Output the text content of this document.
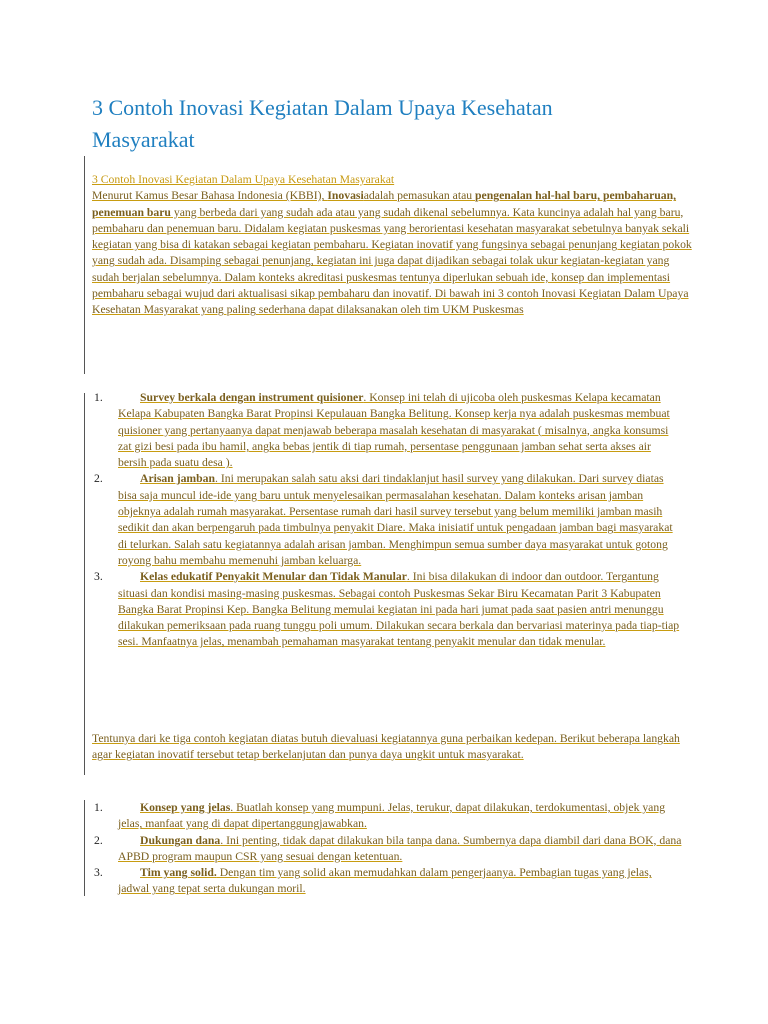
3 Contoh Inovasi Kegiatan Dalam Upaya Kesehatan Masyarakat

3 Contoh Inovasi Kegiatan Dalam Upaya Kesehatan Masyarakat
Menurut Kamus Besar Bahasa Indonesia (KBBI), Inovasiadalah pemasukan atau pengenalan hal-hal baru, pembaharuan, penemuan baru yang berbeda dari yang sudah ada atau yang sudah dikenal sebelumnya. Kata kuncinya adalah hal yang baru, pembaharu dan penemuan baru. Didalam kegiatan puskesmas yang berorientasi kesehatan masyarakat sebetulnya banyak sekali kegiatan yang bisa di katakan sebagai kegiatan pembaharu. Kegiatan inovatif yang fungsinya sebagai penunjang kegiatan pokok yang sudah ada. Disamping sebagai penunjang, kegiatan ini juga dapat dijadikan sebagai tolak ukur kegiatan-kegiatan yang sudah berjalan sebelumnya. Dalam konteks akreditasi puskesmas tentunya diperlukan sebuah ide, konsep dan implementasi pembaharu sebagai wujud dari aktualisasi sikap pembaharu dan inovatif. Di bawah ini 3 contoh Inovasi Kegiatan Dalam Upaya Kesehatan Masyarakat yang paling sederhana dapat dilaksanakan oleh tim UKM Puskesmas

1.	Survey berkala dengan instrument quisioner. Konsep ini telah di ujicoba oleh puskesmas Kelapa kecamatan Kelapa Kabupaten Bangka Barat Propinsi Kepulauan Bangka Belitung. Konsep kerja nya adalah puskesmas membuat quisioner yang pertanyaanya dapat menjawab beberapa masalah kesehatan di masyarakat ( misalnya, angka konsumsi zat gizi besi pada ibu hamil, angka bebas jentik di tiap rumah, persentase penggunaan jamban sehat serta akses air bersih pada suatu desa ).
2.	Arisan jamban. Ini merupakan salah satu aksi dari tindaklanjut hasil survey yang dilakukan. Dari survey diatas bisa saja muncul ide-ide yang baru untuk menyelesaikan permasalahan kesehatan. Dalam konteks arisan jamban objeknya adalah rumah masyarakat. Persentase rumah dari hasil survey tersebut yang belum memiliki jamban masih sedikit dan akan berpengaruh pada timbulnya penyakit Diare. Maka inisiatif untuk pengadaan jamban bagi masyarakat di telurkan. Salah satu kegiatannya adalah arisan jamban. Menghimpun semua sumber daya masyarakat untuk gotong royong bahu membahu memenuhi jamban keluarga.
3.	Kelas edukatif Penyakit Menular dan Tidak Manular. Ini bisa dilakukan di indoor dan outdoor. Tergantung situasi dan kondisi masing-masing puskesmas. Sebagai contoh Puskesmas Sekar Biru Kecamatan Parit 3 Kabupaten Bangka Barat Propinsi Kep. Bangka Belitung memulai kegiatan ini pada hari jumat pada saat pasien antri menunggu dilakukan pemeriksaan pada ruang tunggu poli umum. Dilakukan secara berkala dan bervariasi materinya pada tiap-tiap sesi. Manfaatnya jelas, menambah pemahaman masyarakat tentang penyakit menular dan tidak menular.
Tentunya dari ke tiga contoh kegiatan diatas butuh dievaluasi kegiatannya guna perbaikan kedepan. Berikut beberapa langkah agar kegiatan inovatif tersebut tetap berkelanjutan dan punya daya ungkit untuk masyarakat.
1.	Konsep yang jelas. Buatlah konsep yang mumpuni. Jelas, terukur, dapat dilakukan, terdokumentasi, objek yang jelas, manfaat yang di dapat dipertanggungjawabkan.
2.	Dukungan dana. Ini penting, tidak dapat dilakukan bila tanpa dana. Sumbernya dapa diambil dari dana BOK, dana APBD program maupun CSR yang sesuai dengan ketentuan.
3.	Tim yang solid. Dengan tim yang solid akan memudahkan dalam pengerjaanya. Pembagian tugas yang jelas, jadwal yang tepat serta dukungan moril.
